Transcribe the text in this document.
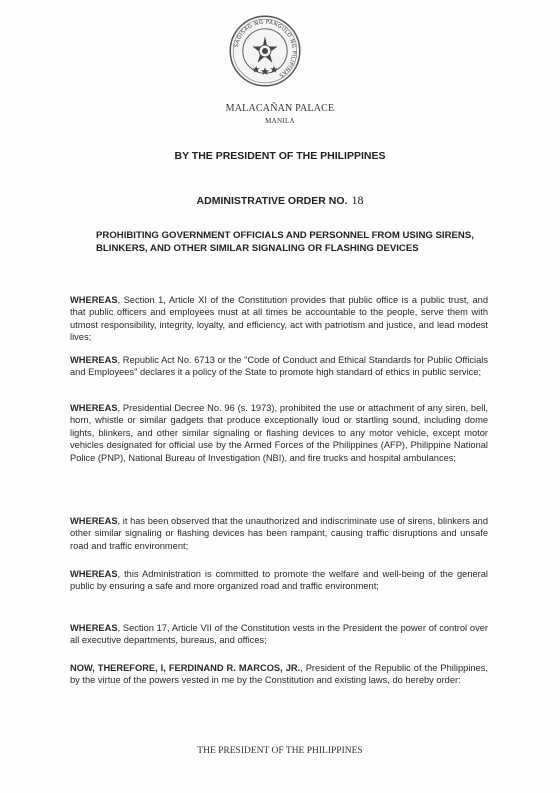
SAGISAG NG PANGULO NG PILIPINAS
MALACAÑAN PALACE
MANILA
BY THE PRESIDENT OF THE PHILIPPINES
ADMINISTRATIVE ORDER NO. 18
PROHIBITING GOVERNMENT OFFICIALS AND PERSONNEL FROM USING SIRENS, BLINKERS, AND OTHER SIMILAR SIGNALING OR FLASHING DEVICES
WHEREAS, Section 1, Article XI of the Constitution provides that public office is a public trust, and that public officers and employees must at all times be accountable to the people, serve them with utmost responsibility, integrity, loyalty, and efficiency, act with patriotism and justice, and lead modest lives;
WHEREAS, Republic Act No. 6713 or the "Code of Conduct and Ethical Standards for Public Officials and Employees" declares it a policy of the State to promote high standard of ethics in public service;
WHEREAS, Presidential Decree No. 96 (s. 1973), prohibited the use or attachment of any siren, bell, horn, whistle or similar gadgets that produce exceptionally loud or startling sound, including dome lights, blinkers, and other similar signaling or flashing devices to any motor vehicle, except motor vehicles designated for official use by the Armed Forces of the Philippines (AFP), Philippine National Police (PNP), National Bureau of Investigation (NBI), and fire trucks and hospital ambulances;
WHEREAS, it has been observed that the unauthorized and indiscriminate use of sirens, blinkers and other similar signaling or flashing devices has been rampant, causing traffic disruptions and unsafe road and traffic environment;
WHEREAS, this Administration is committed to promote the welfare and well-being of the general public by ensuring a safe and more organized road and traffic environment;
WHEREAS, Section 17, Article VII of the Constitution vests in the President the power of control over all executive departments, bureaus, and offices;
NOW, THEREFORE, I, FERDINAND R. MARCOS, JR., President of the Republic of the Philippines, by the virtue of the powers vested in me by the Constitution and existing laws, do hereby order:
THE PRESIDENT OF THE PHILIPPINES
